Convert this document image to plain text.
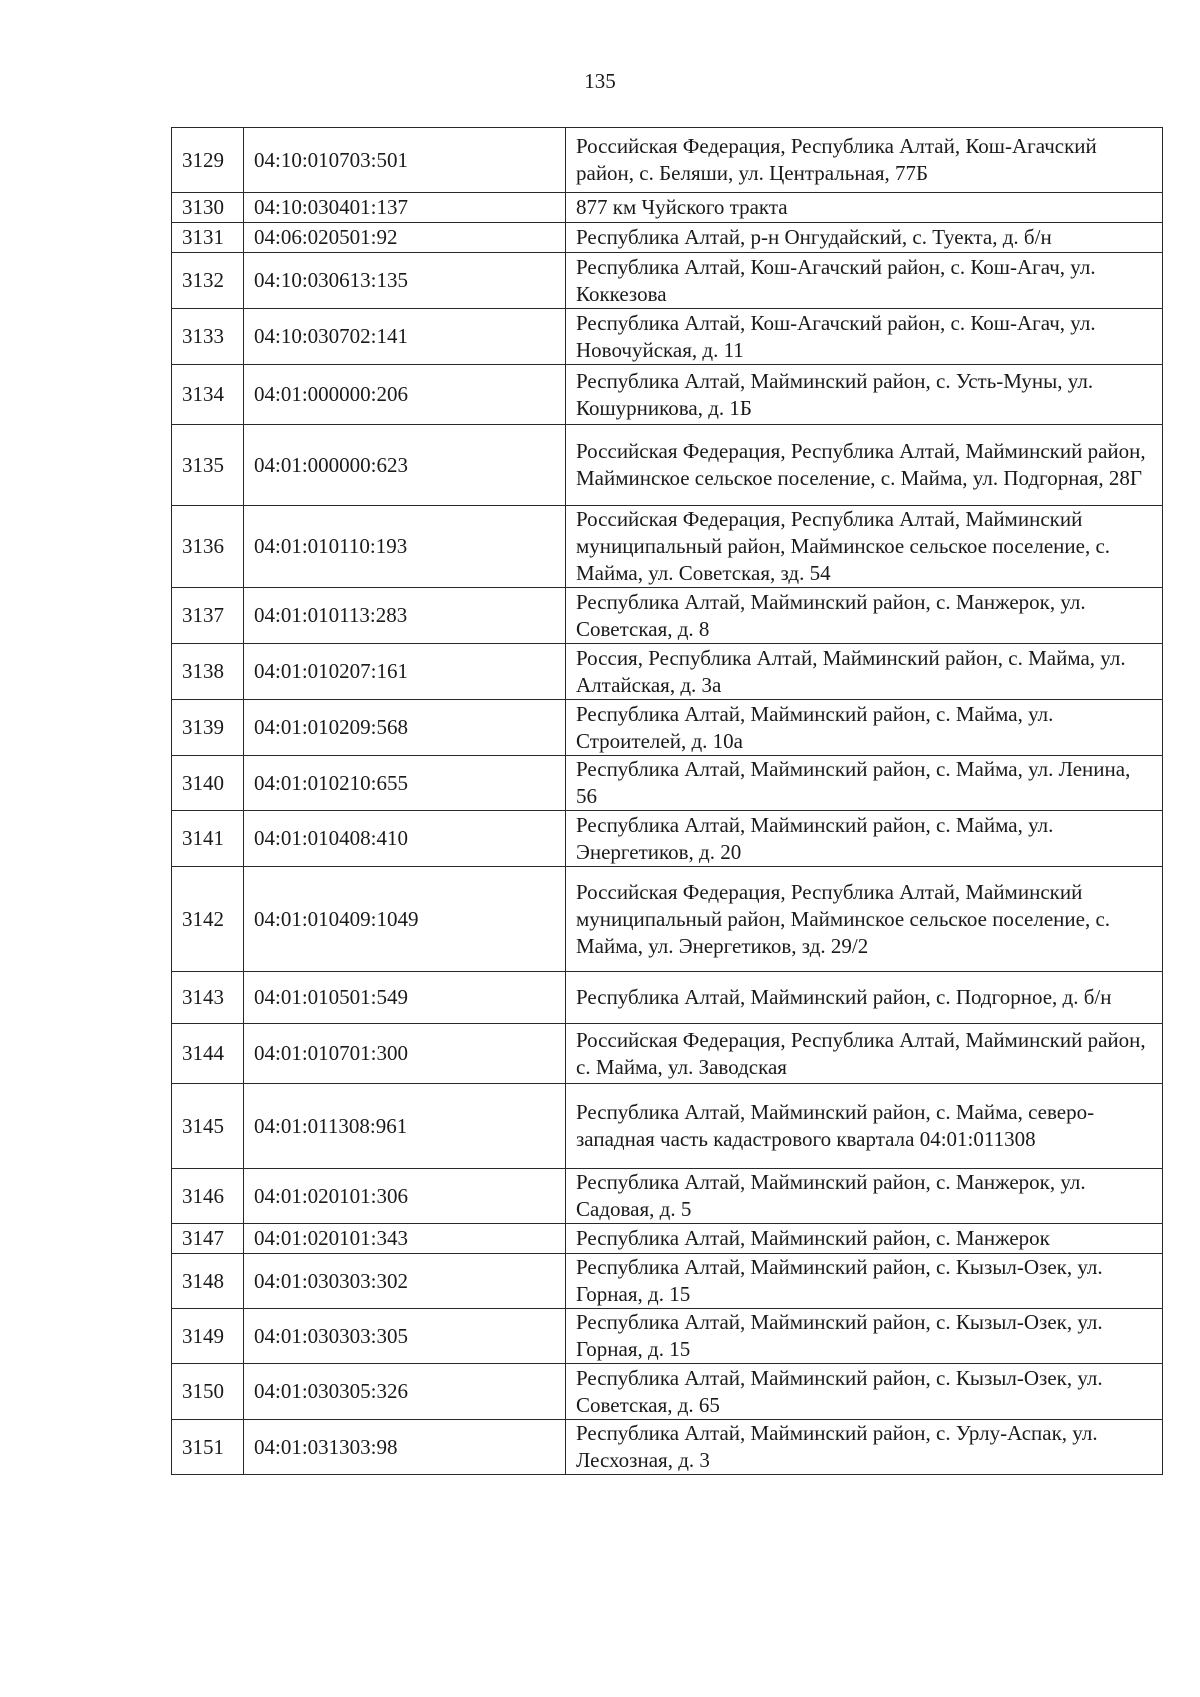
135
3129	04:10:010703:501	Российская Федерация, Республика Алтай, Кош-Агачский район, с. Беляши, ул. Центральная, 77Б
3130	04:10:030401:137	877 км Чуйского тракта
3131	04:06:020501:92	Республика Алтай, р-н Онгудайский, с. Туекта, д. б/н
3132	04:10:030613:135	Республика Алтай, Кош-Агачский район, с. Кош-Агач, ул. Коккезова
3133	04:10:030702:141	Республика Алтай, Кош-Агачский район, с. Кош-Агач, ул. Новочуйская, д. 11
3134	04:01:000000:206	Республика Алтай, Майминский район, с. Усть-Муны, ул. Кошурникова, д. 1Б
3135	04:01:000000:623	Российская Федерация, Республика Алтай, Майминский район, Майминское сельское поселение, с. Майма, ул. Подгорная, 28Г
3136	04:01:010110:193	Российская Федерация, Республика Алтай, Майминский муниципальный район, Майминское сельское поселение, с. Майма, ул. Советская, зд. 54
3137	04:01:010113:283	Республика Алтай, Майминский район, с. Манжерок, ул. Советская, д. 8
3138	04:01:010207:161	Россия, Республика Алтай, Майминский район, с. Майма, ул. Алтайская, д. 3а
3139	04:01:010209:568	Республика Алтай, Майминский район, с. Майма, ул. Строителей, д. 10а
3140	04:01:010210:655	Республика Алтай, Майминский район, с. Майма, ул. Ленина, 56
3141	04:01:010408:410	Республика Алтай, Майминский район, с. Майма, ул. Энергетиков, д. 20
3142	04:01:010409:1049	Российская Федерация, Республика Алтай, Майминский муниципальный район, Майминское сельское поселение, с. Майма, ул. Энергетиков, зд. 29/2
3143	04:01:010501:549	Республика Алтай, Майминский район, с. Подгорное, д. б/н
3144	04:01:010701:300	Российская Федерация, Республика Алтай, Майминский район, с. Майма, ул. Заводская
3145	04:01:011308:961	Республика Алтай, Майминский район, с. Майма, северо-западная часть кадастрового квартала 04:01:011308
3146	04:01:020101:306	Республика Алтай, Майминский район, с. Манжерок, ул. Садовая, д. 5
3147	04:01:020101:343	Республика Алтай, Майминский район, с. Манжерок
3148	04:01:030303:302	Республика Алтай, Майминский район, с. Кызыл-Озек, ул. Горная, д. 15
3149	04:01:030303:305	Республика Алтай, Майминский район, с. Кызыл-Озек, ул. Горная, д. 15
3150	04:01:030305:326	Республика Алтай, Майминский район, с. Кызыл-Озек, ул. Советская, д. 65
3151	04:01:031303:98	Республика Алтай, Майминский район, с. Урлу-Аспак, ул. Лесхозная, д. 3
